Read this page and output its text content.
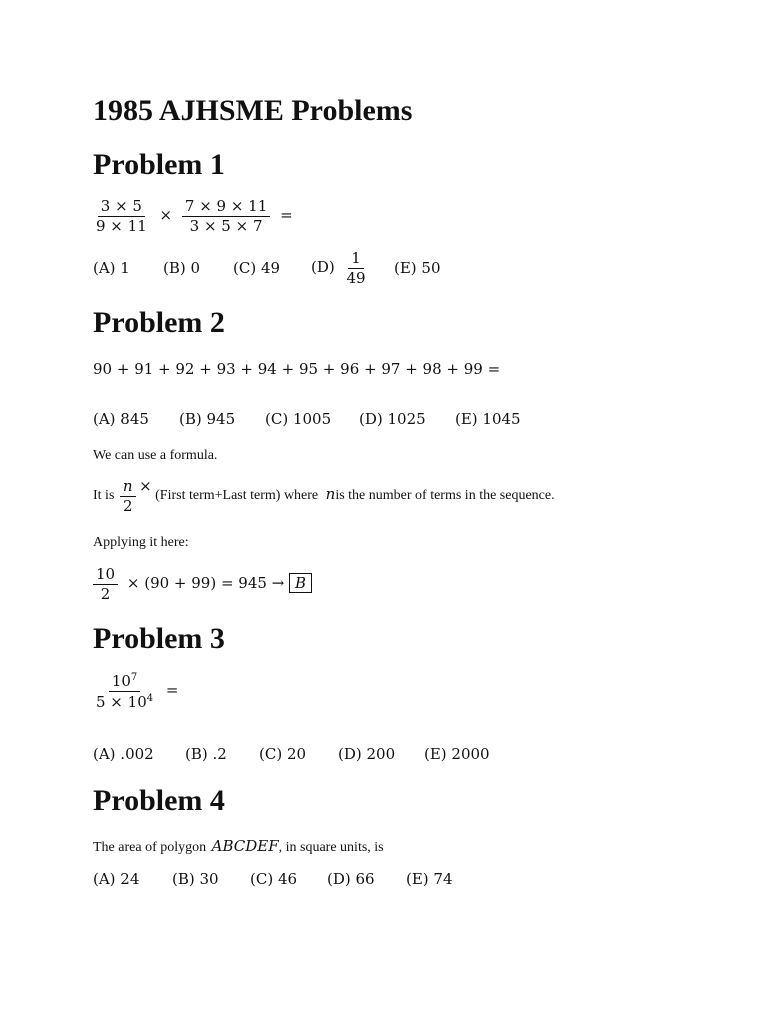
1985 AJHSME Problems
Problem 1
$\frac{3 \times 5}{9 \times 11} \times \frac{7 \times 9 \times 11}{3 \times 5 \times 7}$ =
(A) 1 (B) 0 (C) 49 $(D) \frac{1}{49} (E)$ 50
Problem 2
90 + 91 + 92 + 93 + 94 + 95 + 96 + 97 + 98 + 99 =
(A) 845 (B) 945 (C) 1005 (D) 1025 (E) 1045
We can use a formula.
It is $\frac{n}{2}$ × (First term+Last term) where nis the number of terms in the sequence.
Applying it here:
$\frac{10}{2} \times (90 + 99) = 945 \to B$
Problem 3
$\frac{10^7}{5 \times 10^4}$ =
(A) .002 (B) .2 (C) 20 (D) 200 (E) 2000
Problem 4
The area of polygon ABCDEF, in square units, is
(A) 24 (B) 30 (C) 46 (D) 66 (E) 74
